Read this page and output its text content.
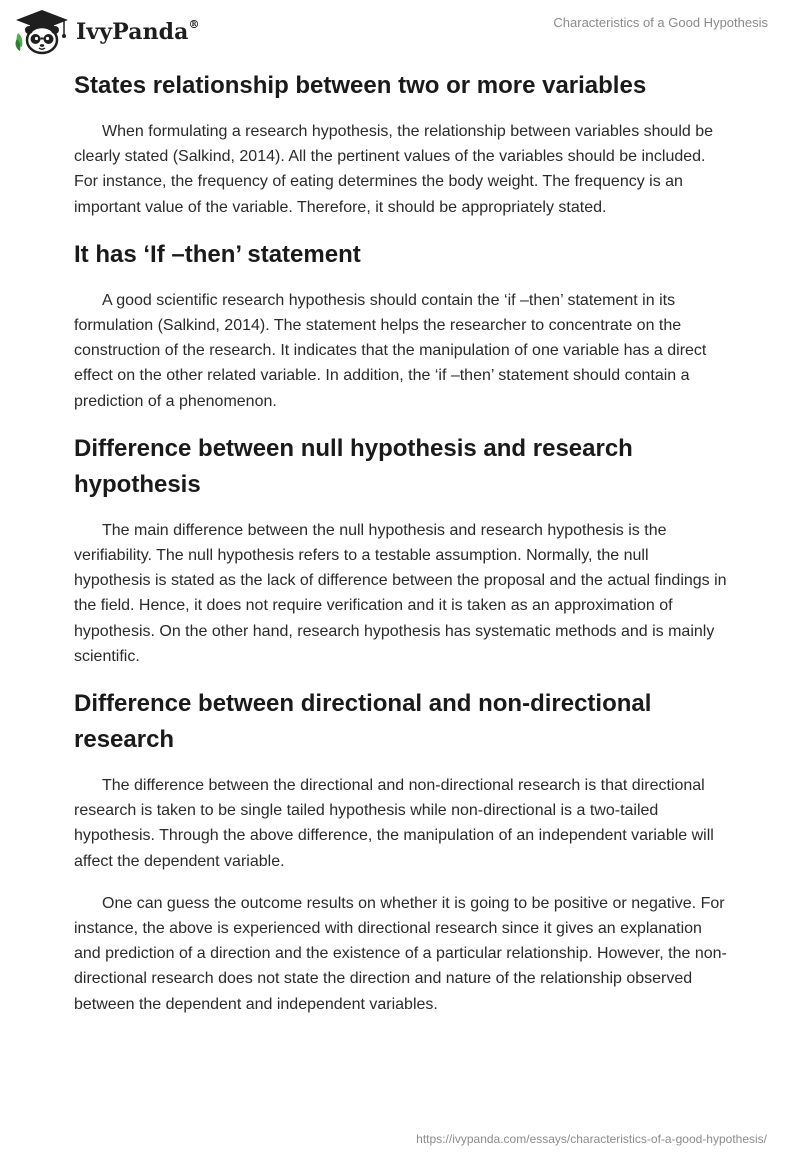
IvyPanda®	Characteristics of a Good Hypothesis
States relationship between two or more variables

When formulating a research hypothesis, the relationship between variables should be clearly stated (Salkind, 2014). All the pertinent values of the variables should be included. For instance, the frequency of eating determines the body weight. The frequency is an important value of the variable. Therefore, it should be appropriately stated.

It has ‘If –then’ statement

A good scientific research hypothesis should contain the ‘if –then’ statement in its formulation (Salkind, 2014). The statement helps the researcher to concentrate on the construction of the research. It indicates that the manipulation of one variable has a direct effect on the other related variable. In addition, the ‘if –then’ statement should contain a prediction of a phenomenon.

Difference between null hypothesis and research hypothesis

The main difference between the null hypothesis and research hypothesis is the verifiability. The null hypothesis refers to a testable assumption. Normally, the null hypothesis is stated as the lack of difference between the proposal and the actual findings in the field. Hence, it does not require verification and it is taken as an approximation of hypothesis. On the other hand, research hypothesis has systematic methods and is mainly scientific.

Difference between directional and non-directional research

The difference between the directional and non-directional research is that directional research is taken to be single tailed hypothesis while non-directional is a two-tailed hypothesis. Through the above difference, the manipulation of an independent variable will affect the dependent variable.

One can guess the outcome results on whether it is going to be positive or negative. For instance, the above is experienced with directional research since it gives an explanation and prediction of a direction and the existence of a particular relationship. However, the non-directional research does not state the direction and nature of the relationship observed between the dependent and independent variables.

https://ivypanda.com/essays/characteristics-of-a-good-hypothesis/
